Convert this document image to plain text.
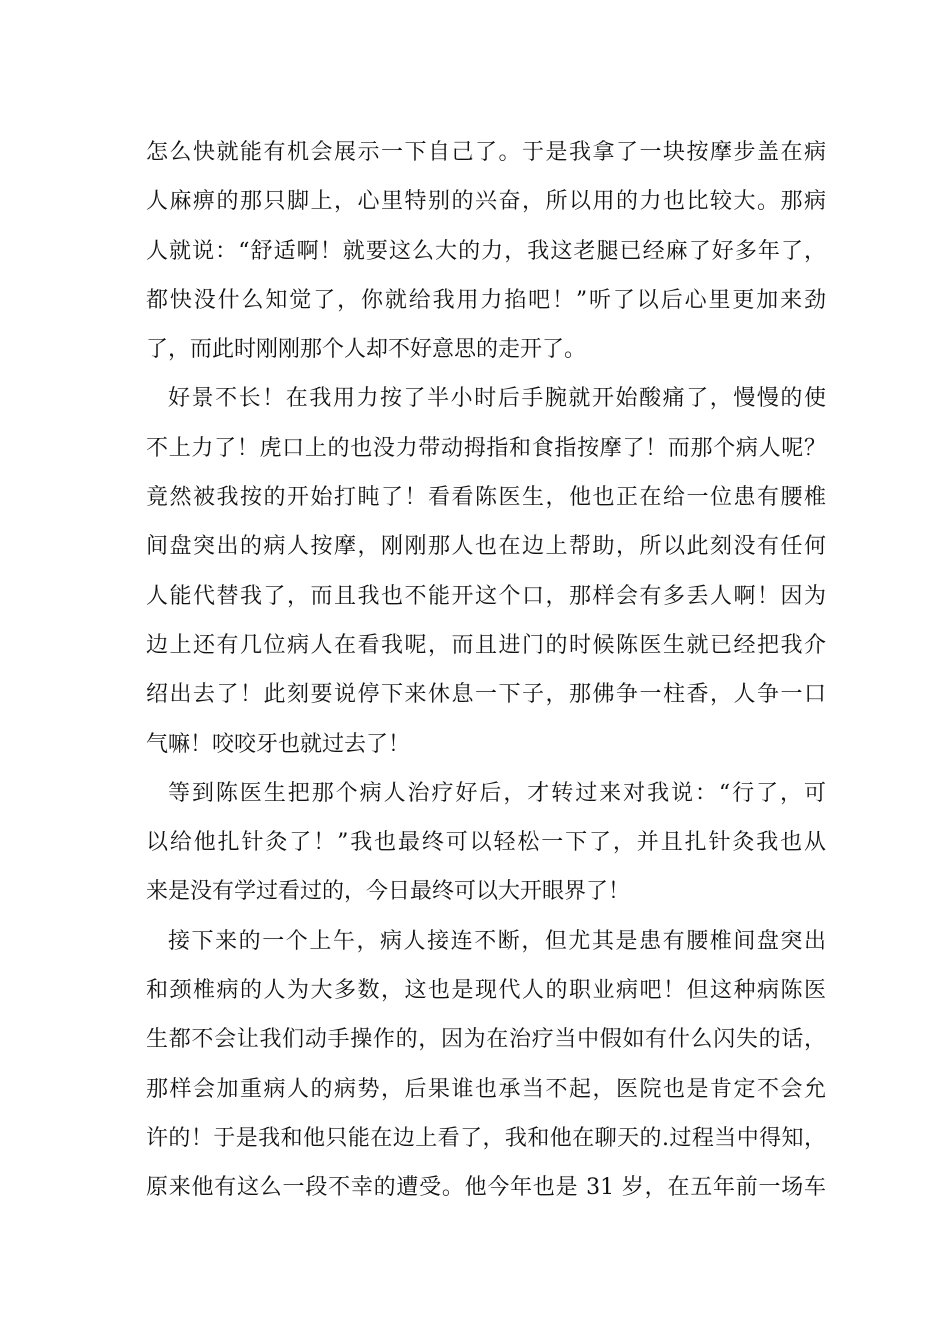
怎么快就能有机会展示一下自己了。于是我拿了一块按摩步盖在病
人麻痹的那只脚上，心里特别的兴奋，所以用的力也比较大。那病
人就说：“舒适啊！就要这么大的力，我这老腿已经麻了好多年了，
都快没什么知觉了，你就给我用力掐吧！”听了以后心里更加来劲
了，而此时刚刚那个人却不好意思的走开了。
好景不长！在我用力按了半小时后手腕就开始酸痛了，慢慢的使
不上力了！虎口上的也没力带动拇指和食指按摩了！而那个病人呢？
竟然被我按的开始打盹了！看看陈医生，他也正在给一位患有腰椎
间盘突出的病人按摩，刚刚那人也在边上帮助，所以此刻没有任何
人能代替我了，而且我也不能开这个口，那样会有多丢人啊！因为
边上还有几位病人在看我呢，而且进门的时候陈医生就已经把我介
绍出去了！此刻要说停下来休息一下子，那佛争一柱香，人争一口
气嘛！咬咬牙也就过去了！
等到陈医生把那个病人治疗好后，才转过来对我说：“行了，可
以给他扎针灸了！”我也最终可以轻松一下了，并且扎针灸我也从
来是没有学过看过的，今日最终可以大开眼界了！
接下来的一个上午，病人接连不断，但尤其是患有腰椎间盘突出
和颈椎病的人为大多数，这也是现代人的职业病吧！但这种病陈医
生都不会让我们动手操作的，因为在治疗当中假如有什么闪失的话，
那样会加重病人的病势，后果谁也承当不起，医院也是肯定不会允
许的！于是我和他只能在边上看了，我和他在聊天的.过程当中得知，
原来他有这么一段不幸的遭受。他今年也是 31 岁，在五年前一场车
